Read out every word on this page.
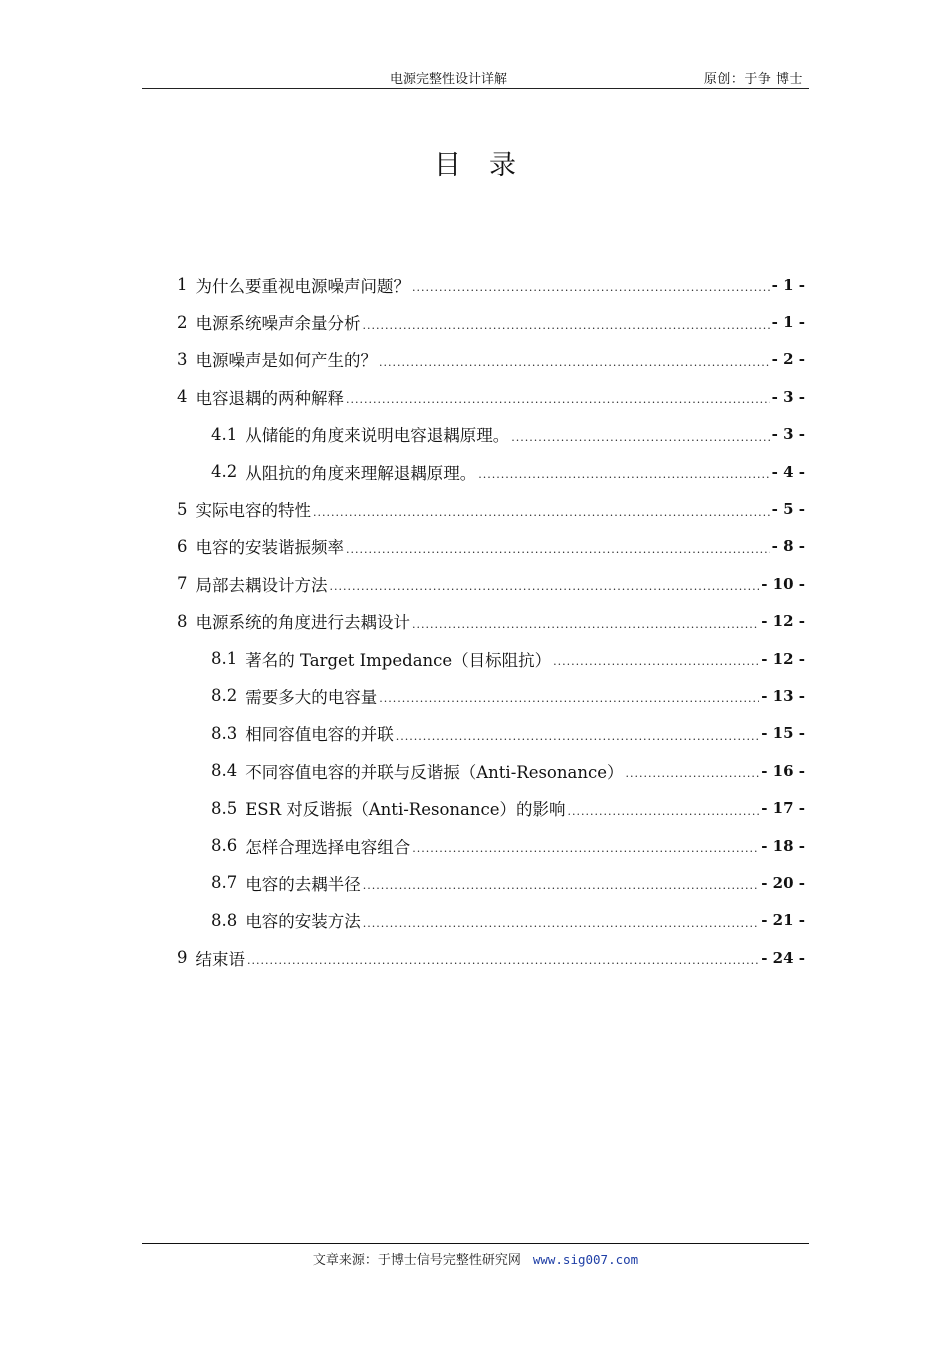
电源完整性设计详解	原创：于争 博士
目录
1 为什么要重视电源噪声问题？ .....	- 1 -
2 电源系统噪声余量分析 .....	- 1 -
3 电源噪声是如何产生的？ .....	- 2 -
4 电容退耦的两种解释 .....	- 3 -
4.1 从储能的角度来说明电容退耦原理。 .....	- 3 -
4.2 从阻抗的角度来理解退耦原理。 .....	- 4 -
5 实际电容的特性 .....	- 5 -
6 电容的安装谐振频率 .....	- 8 -
7 局部去耦设计方法 .....	- 10 -
8 电源系统的角度进行去耦设计 .....	- 12 -
8.1 著名的 Target Impedance（目标阻抗） .....	- 12 -
8.2 需要多大的电容量 .....	- 13 -
8.3 相同容值电容的并联 .....	- 15 -
8.4 不同容值电容的并联与反谐振（Anti-Resonance） .....	- 16 -
8.5 ESR 对反谐振（Anti-Resonance）的影响 .....	- 17 -
8.6 怎样合理选择电容组合 .....	- 18 -
8.7 电容的去耦半径 .....	- 20 -
8.8 电容的安装方法 .....	- 21 -
9 结束语 .....	- 24 -
文章来源：于博士信号完整性研究网 www.sig007.com
